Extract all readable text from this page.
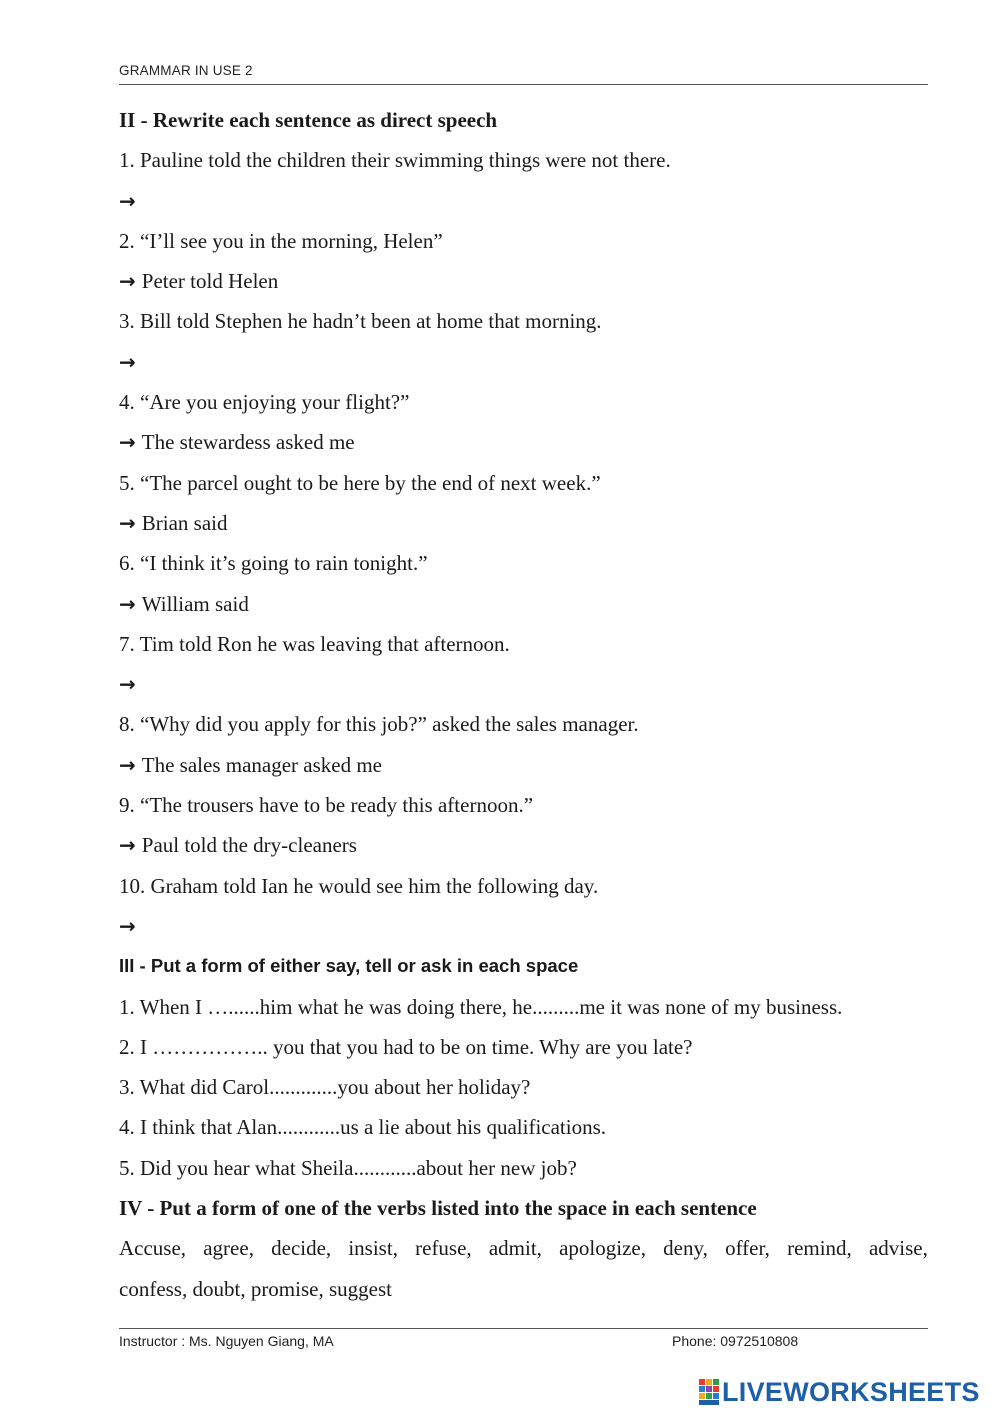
GRAMMAR IN USE 2
II - Rewrite each sentence as direct speech
1. Pauline told the children their swimming things were not there.
→
2. “I’ll see you in the morning, Helen”
→ Peter told Helen
3. Bill told Stephen he hadn’t been at home that morning.
→
4. “Are you enjoying your flight?”
→ The stewardess asked me
5. “The parcel ought to be here by the end of next week.”
→ Brian said
6. “I think it’s going to rain tonight.”
→ William said
7. Tim told Ron he was leaving that afternoon.
→
8. “Why did you apply for this job?” asked the sales manager.
→ The sales manager asked me
9. “The trousers have to be ready this afternoon.”
→ Paul told the dry-cleaners
10. Graham told Ian he would see him the following day.
→
III - Put a form of either say, tell or ask in each space
1. When I …......him what he was doing there, he.........me it was none of my business.
2. I …………….. you that you had to be on time. Why are you late?
3. What did Carol.............you about her holiday?
4. I think that Alan............us a lie about his qualifications.
5. Did you hear what Sheila............about her new job?
IV - Put a form of one of the verbs listed into the space in each sentence
Accuse, agree, decide, insist, refuse, admit, apologize, deny, offer, remind, advise,
confess, doubt, promise, suggest
Instructor : Ms. Nguyen Giang, MA	Phone: 0972510808
LIVEWORKSHEETS
